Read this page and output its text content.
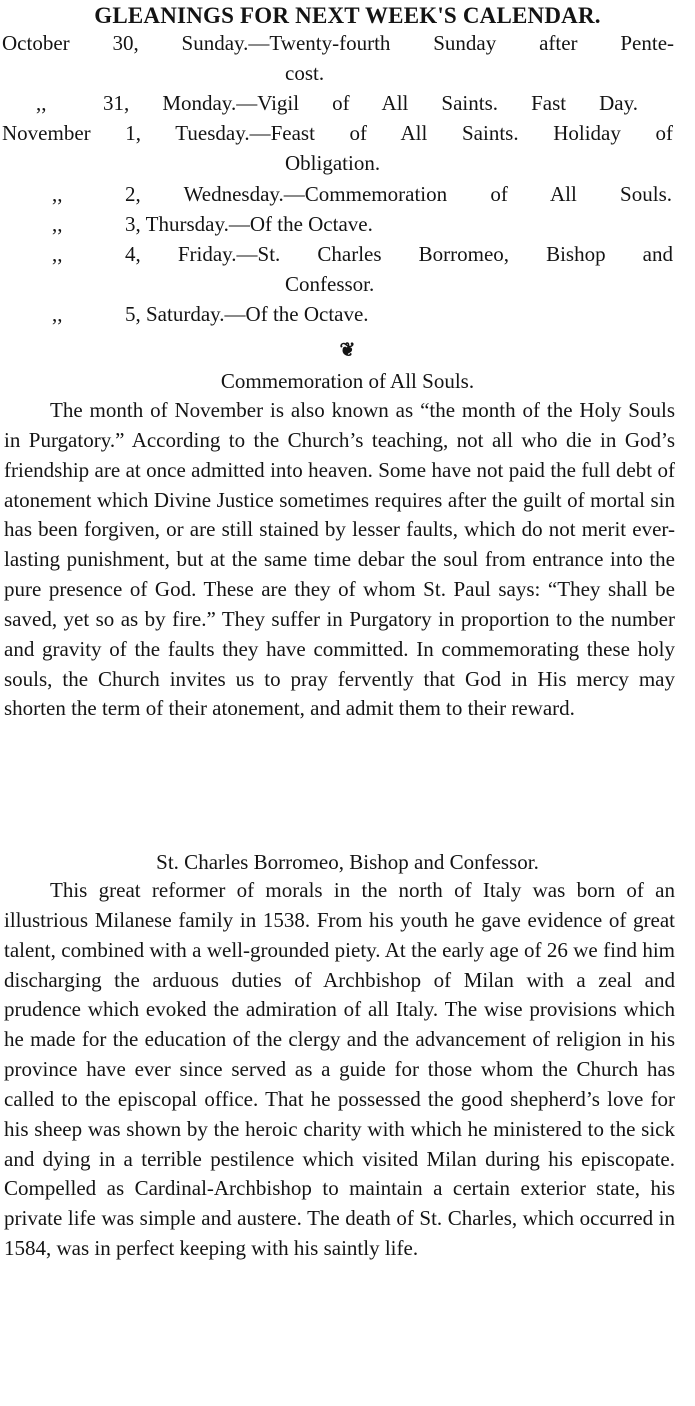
GLEANINGS FOR NEXT WEEK'S CALENDAR.
October 30, Sunday.—Twenty-fourth Sunday after Pente-
cost.
,,	31, Monday.—Vigil of All Saints. Fast Day.
November 1, Tuesday.—Feast of All Saints. Holiday of
Obligation.
,,	2, Wednesday.—Commemoration of All Souls.
,,	3, Thursday.—Of the Octave.
,,	4, Friday.—St. Charles Borromeo, Bishop and
Confessor.
,,	5, Saturday.—Of the Octave.
❦
Commemoration of All Souls.
The month of November is also known as “the month of the Holy Souls in Purgatory.” According to the Church’s teaching, not all who die in God’s friendship are at once admitted into heaven. Some have not paid the full debt of atonement which Divine Justice sometimes requires after the guilt of mortal sin has been forgiven, or are still stained by lesser faults, which do not merit ever-lasting punishment, but at the same time debar the soul from entrance into the pure presence of God. These are they of whom St. Paul says: “They shall be saved, yet so as by fire.” They suffer in Purgatory in proportion to the number and gravity of the faults they have committed. In commemorating these holy souls, the Church invites us to pray fervently that God in His mercy may shorten the term of their atonement, and admit them to their reward.
St. Charles Borromeo, Bishop and Confessor.
This great reformer of morals in the north of Italy was born of an illustrious Milanese family in 1538. From his youth he gave evidence of great talent, combined with a well-grounded piety. At the early age of 26 we find him discharging the arduous duties of Archbishop of Milan with a zeal and prudence which evoked the admiration of all Italy. The wise provisions which he made for the education of the clergy and the advancement of religion in his province have ever since served as a guide for those whom the Church has called to the episcopal office. That he possessed the good shepherd’s love for his sheep was shown by the heroic charity with which he ministered to the sick and dying in a terrible pestilence which visited Milan during his episcopate. Compelled as Cardinal-Archbishop to maintain a certain exterior state, his private life was simple and austere. The death of St. Charles, which occurred in 1584, was in perfect keeping with his saintly life.
